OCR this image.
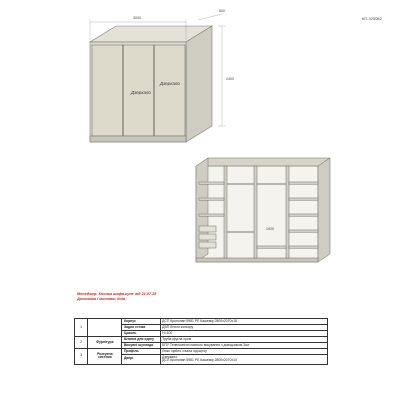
КП-325082
3000
600
2400
Дзеркало
Дзеркало
1920
Менеджер: Кнопка шафа-купе від 21.07.25
Доставка і монтаж: Київ
1		Корпус	ДСП Кронопан 5981 PE Кашемір 2800х2070х18
		Задня стінка	ДВП білого кольору
		Цоколь	Н=100
2	Фурнітура	Штанга для одягу	Труба кругла хром
		Висувні шухляди	БПУ Телескопічні повного висування з доводчиком 3шт.
3	Розсувна система	Профіль	Люкс срібло з вала під щітку
		Двері	Дзеркало
ДСП Кронопан 5981 PE Кашемір 2800х2070х10
